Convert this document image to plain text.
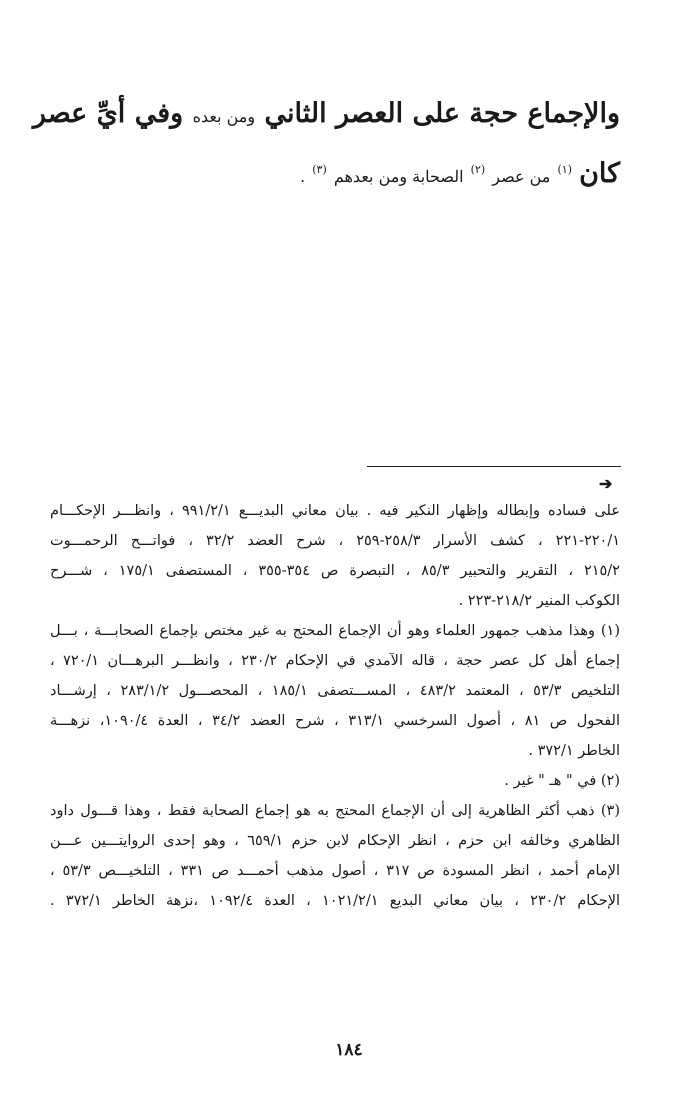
والإجماع حجة على العصر الثاني ومن بعده وفي أيِّ عصر
كان $^{(١)}$ من عصر $^{(٢)}$ الصحابة ومن بعدهم $^{(٣)}$ .
➔
على فساده وإبطاله وإظهار النكير فيه . بيان معاني البديـــع ٩٩١/٢/١ ، وانظـــر الإحكـــام
٢٢٠/١-٢٢١ ، كشف الأسرار ٢٥٨/٣-٢٥٩ ، شرح العضد ٣٢/٢ ، فواتـــح الرحمـــوت
٢١٥/٢ ، التقرير والتحبير ٨٥/٣ ، التبصرة ص ٣٥٤-٣٥٥ ، المستصفى ١٧٥/١ ، شـــرح
الكوكب المنير ٢١٨/٢-٢٢٣ .
(١) وهذا مذهب جمهور العلماء وهو أن الإجماع المحتج به غير مختص بإجماع الصحابـــة ، بـــل
إجماع أهل كل عصر حجة ، قاله الآمدي في الإحكام ٢٣٠/٢ ، وانظـــر البرهـــان ٧٢٠/١ ،
التلخيص ٥٣/٣ ، المعتمد ٤٨٣/٢ ، المســـتصفى ١٨٥/١ ، المحصـــول ٢٨٣/١/٢ ، إرشـــاد
الفحول ص ٨١ ، أصول السرخسي ٣١٣/١ ، شرح العضد ٣٤/٢ ، العدة ١٠٩٠/٤، نزهـــة
الخاطر ٣٧٢/١ .
(٢) في " هـ " غير .
(٣) ذهب أكثر الظاهرية إلى أن الإجماع المحتج به هو إجماع الصحابة فقط ، وهذا قـــول داود
الظاهري وخالفه ابن حزم ، انظر الإحكام لابن حزم ٦٥٩/١ ، وهو إحدى الروايتـــين عـــن
الإمام أحمد ، انظر المسودة ص ٣١٧ ، أصول مذهب أحمـــد ص ٣٣١ ، التلخيـــص ٥٣/٣ ،
الإحكام ٢٣٠/٢ ، بيان معاني البديع ١٠٢١/٢/١ ، العدة ١٠٩٢/٤ ،نزهة الخاطر ٣٧٢/١ .
١٨٤
